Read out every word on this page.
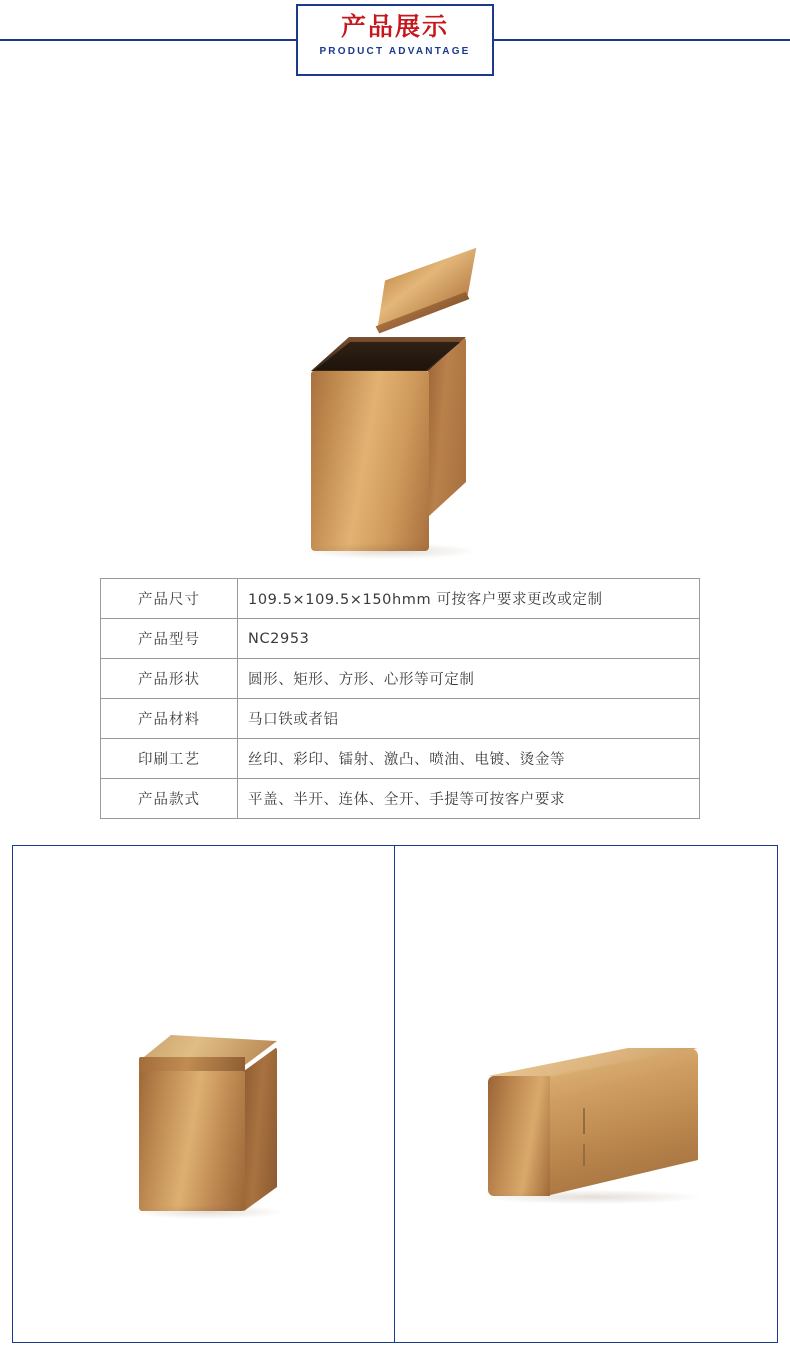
产品展示
PRODUCT ADVANTAGE
产品尺寸	109.5×109.5×150hmm 可按客户要求更改或定制
产品型号	NC2953
产品形状	圆形、矩形、方形、心形等可定制
产品材料	马口铁或者铝
印刷工艺	丝印、彩印、镭射、激凸、喷油、电镀、烫金等
产品款式	平盖、半开、连体、全开、手提等可按客户要求
